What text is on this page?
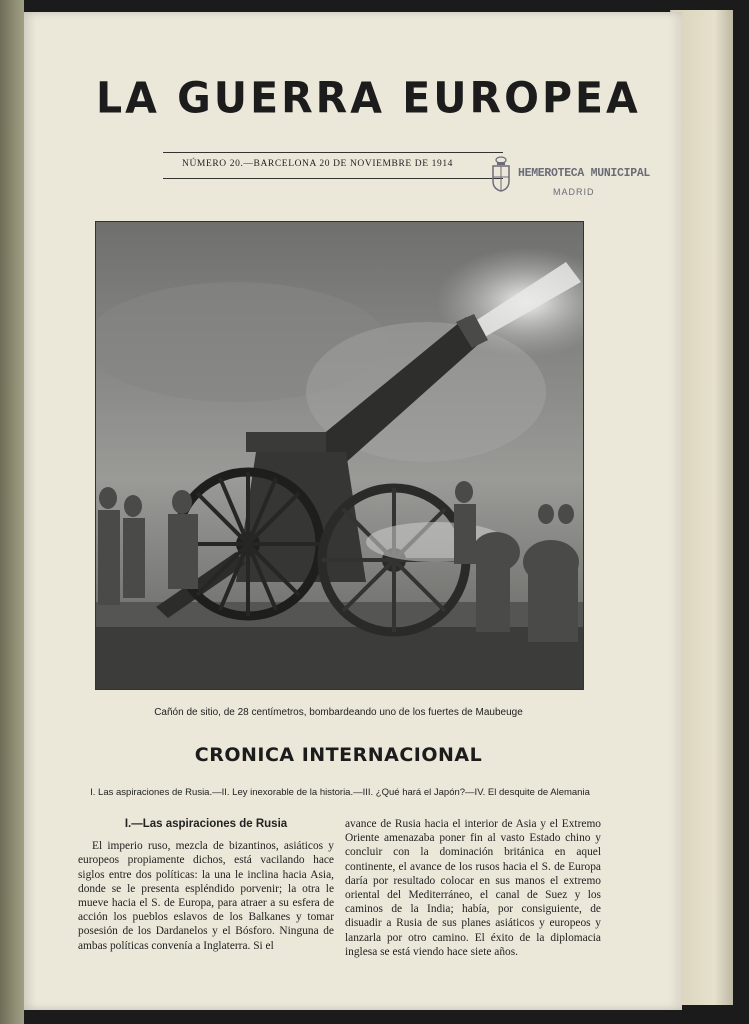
LA GUERRA EUROPEA
NÚMERO 20.—BARCELONA 20 DE NOVIEMBRE DE 1914
HEMEROTECA MUNICIPAL
MADRID
Cañón de sitio, de 28 centímetros, bombardeando uno de los fuertes de Maubeuge
CRONICA INTERNACIONAL
I. Las aspiraciones de Rusia.—II. Ley inexorable de la historia.—III. ¿Qué hará el Japón?—IV. El desquite de Alemania
I.—Las aspiraciones de Rusia

El imperio ruso, mezcla de bizantinos, asiáticos y europeos propiamente dichos, está vacilando hace siglos entre dos políticas: la una le inclina hacia Asia, donde se le presenta espléndido porvenir; la otra le mueve hacia el S. de Europa, para atraer a su esfera de acción los pueblos eslavos de los Balkanes y tomar posesión de los Dardanelos y el Bósforo. Ninguna de ambas políticas convenía a Inglaterra. Si el

avance de Rusia hacia el interior de Asia y el Extremo Oriente amenazaba poner fin al vasto Estado chino y concluir con la dominación británica en aquel continente, el avance de los rusos hacia el S. de Europa daría por resultado colocar en sus manos el extremo oriental del Mediterráneo, el canal de Suez y los caminos de la India; había, por consiguiente, de disuadir a Rusia de sus planes asiáticos y europeos y lanzarla por otro camino. El éxito de la diplomacia inglesa se está viendo hace siete años.
